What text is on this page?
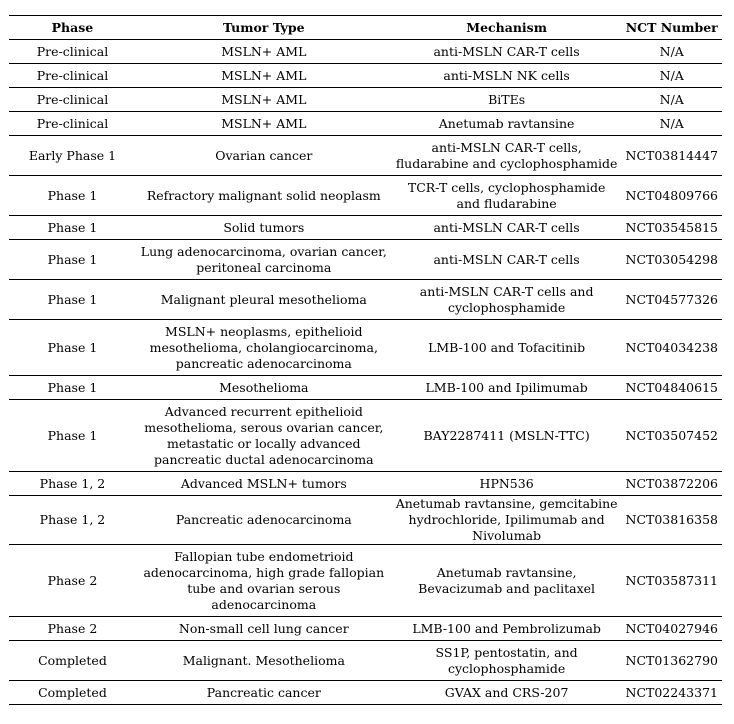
Phase	Tumor Type	Mechanism	NCT Number
Pre-clinical	MSLN+ AML	anti-MSLN CAR-T cells	N/A
Pre-clinical	MSLN+ AML	anti-MSLN NK cells	N/A
Pre-clinical	MSLN+ AML	BiTEs	N/A
Pre-clinical	MSLN+ AML	Anetumab ravtansine	N/A
Early Phase 1	Ovarian cancer	anti-MSLN CAR-T cells, fludarabine and cyclophosphamide	NCT03814447
Phase 1	Refractory malignant solid neoplasm	TCR-T cells, cyclophosphamide and fludarabine	NCT04809766
Phase 1	Solid tumors	anti-MSLN CAR-T cells	NCT03545815
Phase 1	Lung adenocarcinoma, ovarian cancer, peritoneal carcinoma	anti-MSLN CAR-T cells	NCT03054298
Phase 1	Malignant pleural mesothelioma	anti-MSLN CAR-T cells and cyclophosphamide	NCT04577326
Phase 1	MSLN+ neoplasms, epithelioid mesothelioma, cholangiocarcinoma, pancreatic adenocarcinoma	LMB-100 and Tofacitinib	NCT04034238
Phase 1	Mesothelioma	LMB-100 and Ipilimumab	NCT04840615
Phase 1	Advanced recurrent epithelioid mesothelioma, serous ovarian cancer, metastatic or locally advanced pancreatic ductal adenocarcinoma	BAY2287411 (MSLN-TTC)	NCT03507452
Phase 1, 2	Advanced MSLN+ tumors	HPN536	NCT03872206
Phase 1, 2	Pancreatic adenocarcinoma	Anetumab ravtansine, gemcitabine hydrochloride, Ipilimumab and Nivolumab	NCT03816358
Phase 2	Fallopian tube endometrioid adenocarcinoma, high grade fallopian tube and ovarian serous adenocarcinoma	Anetumab ravtansine, Bevacizumab and paclitaxel	NCT03587311
Phase 2	Non-small cell lung cancer	LMB-100 and Pembrolizumab	NCT04027946
Completed	Malignant. Mesothelioma	SS1P, pentostatin, and cyclophosphamide	NCT01362790
Completed	Pancreatic cancer	GVAX and CRS-207	NCT02243371
